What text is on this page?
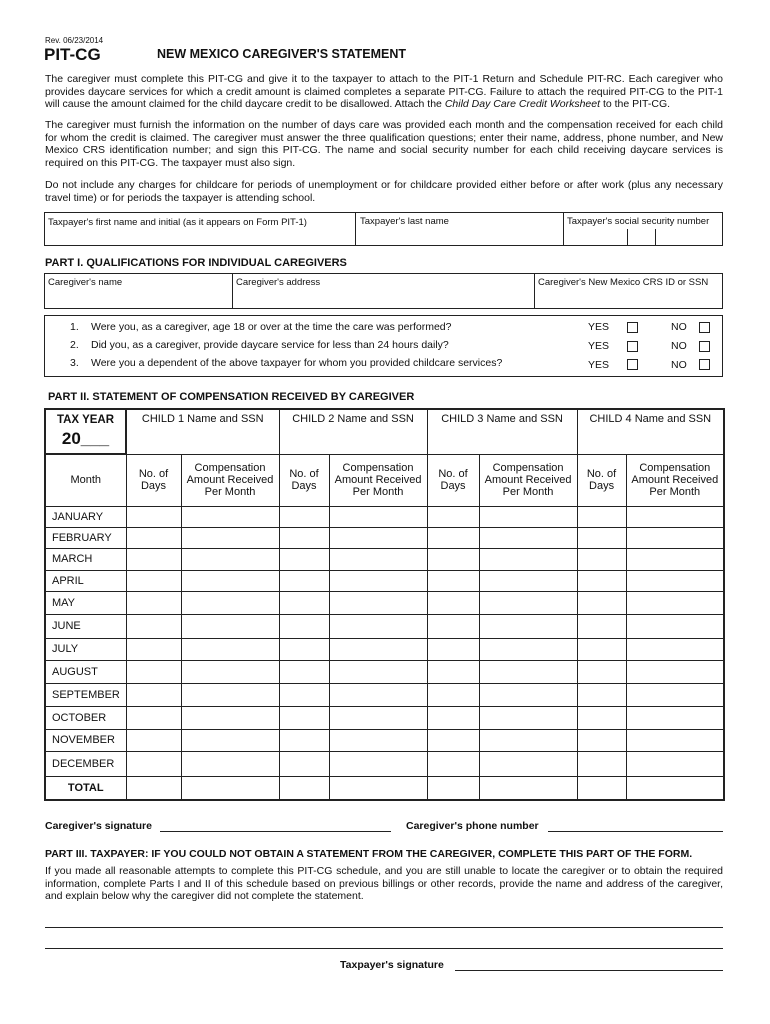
Rev. 06/23/2014
PIT-CG	NEW MEXICO CAREGIVER'S STATEMENT
The caregiver must complete this PIT-CG and give it to the taxpayer to attach to the PIT-1 Return and Schedule PIT-RC. Each caregiver who provides daycare services for which a credit amount is claimed completes a separate PIT-CG. Failure to attach the required PIT-CG to the PIT-1 will cause the amount claimed for the child daycare credit to be disallowed. Attach the Child Day Care Credit Worksheet to the PIT-CG.
The caregiver must furnish the information on the number of days care was provided each month and the compensation received for each child for whom the credit is claimed. The caregiver must answer the three qualification questions; enter their name, address, phone number, and New Mexico CRS identification number; and sign this PIT-CG. The name and social security number for each child receiving daycare services is required on this PIT-CG. The taxpayer must also sign.
Do not include any charges for childcare for periods of unemployment or for childcare provided either before or after work (plus any necessary travel time) or for periods the taxpayer is attending school.
Taxpayer's first name and initial (as it appears on Form PIT-1)	Taxpayer's last name	Taxpayer's social security number
PART I. QUALIFICATIONS FOR INDIVIDUAL CAREGIVERS
Caregiver's name	Caregiver's address	Caregiver's New Mexico CRS ID or SSN
1. Were you, as a caregiver, age 18 or over at the time the care was performed?	YES	NO
2. Did you, as a caregiver, provide daycare service for less than 24 hours daily?	YES	NO
3. Were you a dependent of the above taxpayer for whom you provided childcare services?	YES	NO
PART II. STATEMENT OF COMPENSATION RECEIVED BY CAREGIVER
TAX YEAR
20___	CHILD 1 Name and SSN		CHILD 2 Name and SSN		CHILD 3 Name and SSN		CHILD 4 Name and SSN	
Month	No. of Days	Compensation Amount Received Per Month	No. of Days	Compensation Amount Received Per Month	No. of Days	Compensation Amount Received Per Month	No. of Days	Compensation Amount Received Per Month
JANUARY								
FEBRUARY								
MARCH								
APRIL								
MAY								
JUNE								
JULY								
AUGUST								
SEPTEMBER								
OCTOBER								
NOVEMBER								
DECEMBER								
TOTAL								
Caregiver's signature	Caregiver's phone number
PART III. TAXPAYER: IF YOU COULD NOT OBTAIN A STATEMENT FROM THE CAREGIVER, COMPLETE THIS PART OF THE FORM.
If you made all reasonable attempts to complete this PIT-CG schedule, and you are still unable to locate the caregiver or to obtain the required information, complete Parts I and II of this schedule based on previous billings or other records, provide the name and address of the caregiver, and explain below why the caregiver did not complete the statement.
Taxpayer's signature
